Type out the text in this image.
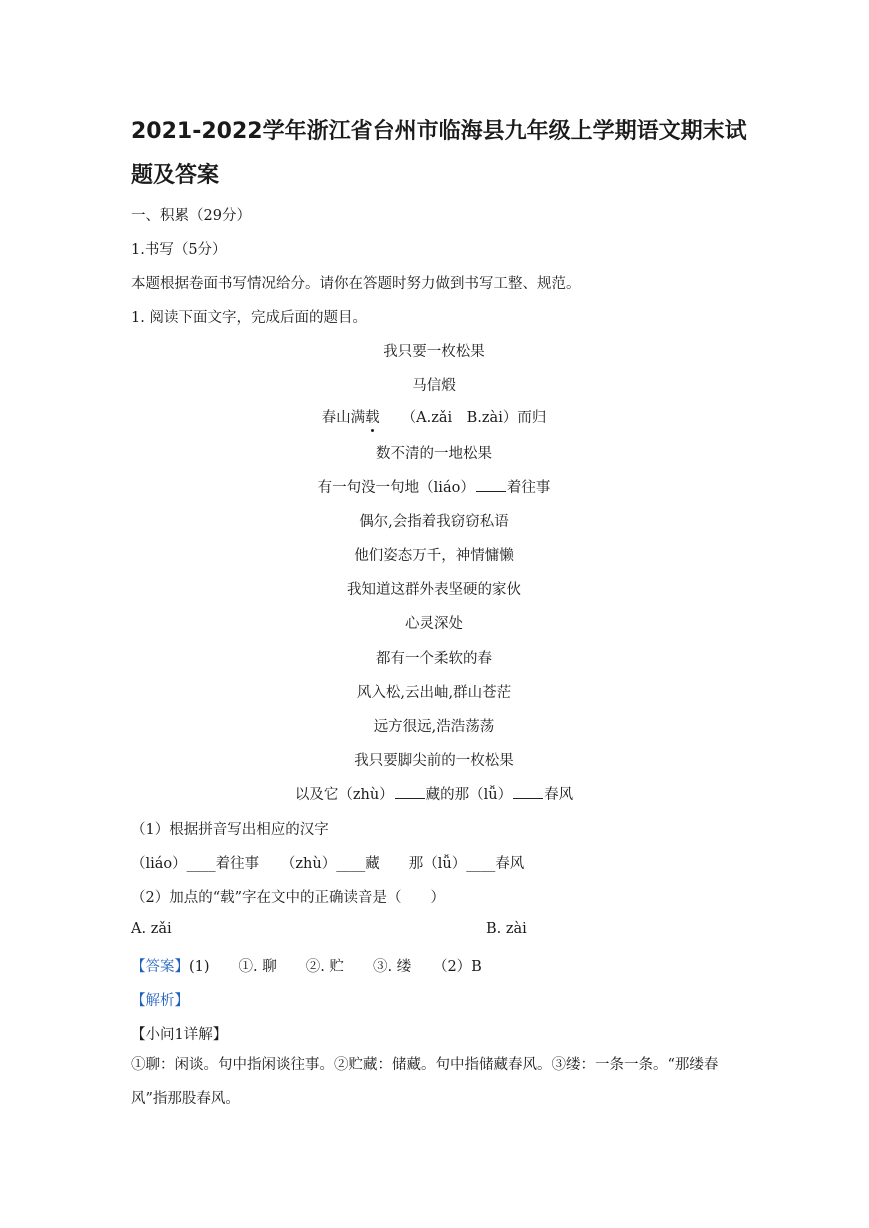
2021-2022学年浙江省台州市临海县九年级上学期语文期末试题及答案
一、积累（29分）
1.书写（5分）
本题根据卷面书写情况给分。请你在答题时努力做到书写工整、规范。
1. 阅读下面文字，完成后面的题目。
我只要一枚松果
马信煅
春山满载 （A.zǎi　B.zài）而归
数不清的一地松果
有一句没一句地（liáo） 着往事
偶尔,会指着我窃窃私语
他们姿态万千，神情慵懒
我知道这群外表坚硬的家伙
心灵深处
都有一个柔软的春
风入松,云出岫,群山苍茫
远方很远,浩浩荡荡
我只要脚尖前的一枚松果
以及它（zhù） 藏的那（lǚ） 春风
（1）根据拼音写出相应的汉字
（liáo）____着往事　　（zhù）____藏　　那（lǚ）____春风
（2）加点的“载”字在文中的正确读音是（　　）
A. zǎi	B. zài
【答案】(1)　　①. 聊　　②. 贮　　③. 缕　　（2）B
【解析】
【小问1详解】
①聊：闲谈。句中指闲谈往事。②贮藏：储藏。句中指储藏春风。③缕：一条一条。“那缕春风”指那股春风。
